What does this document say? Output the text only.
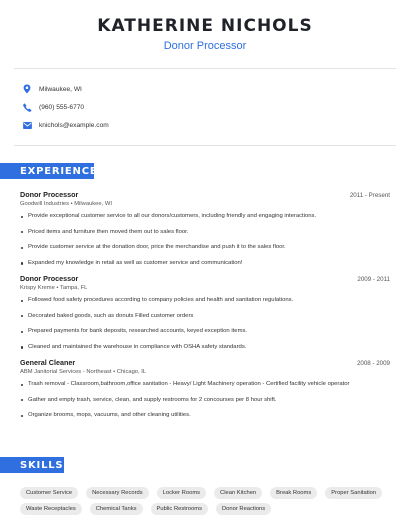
KATHERINE NICHOLS
Donor Processor
Milwaukee, WI
(960) 555-6770
knichols@example.com
EXPERIENCE
Donor Processor	2011 - Present
Goodwill Industries • Milwaukee, WI
Provide exceptional customer service to all our donors/customers, including friendly and engaging interactions.
Priced items and furniture then moved them out to sales floor.
Provide customer service at the donation door, price the merchandise and push it to the sales floor.
Expanded my knowledge in retail as well as customer service and communication!
Donor Processor	2009 - 2011
Krispy Kreme • Tampa, FL
Followed food safety procedures according to company policies and health and sanitation regulations.
Decorated baked goods, such as donuts Filled customer orders
Prepared payments for bank deposits, researched accounts, keyed exception items.
Cleaned and maintained the warehouse in compliance with OSHA safety standards.
General Cleaner	2008 - 2009
ABM Janitorial Services - Northeast • Chicago, IL
Trash removal - Classroom,bathroom,office sanitation - Heavy/ Light Machinery operation - Certified facility vehicle operator
Gather and empty trash, service, clean, and supply restrooms for 2 concourses per 8 hour shift.
Organize brooms, mops, vacuums, and other cleaning utilities.
SKILLS
Customer Service	Necessary Records	Locker Rooms	Clean Kitchen	Break Rooms	Proper Sanitation
Waste Receptacles	Chemical Tanks	Public Restrooms	Donor Reactions
